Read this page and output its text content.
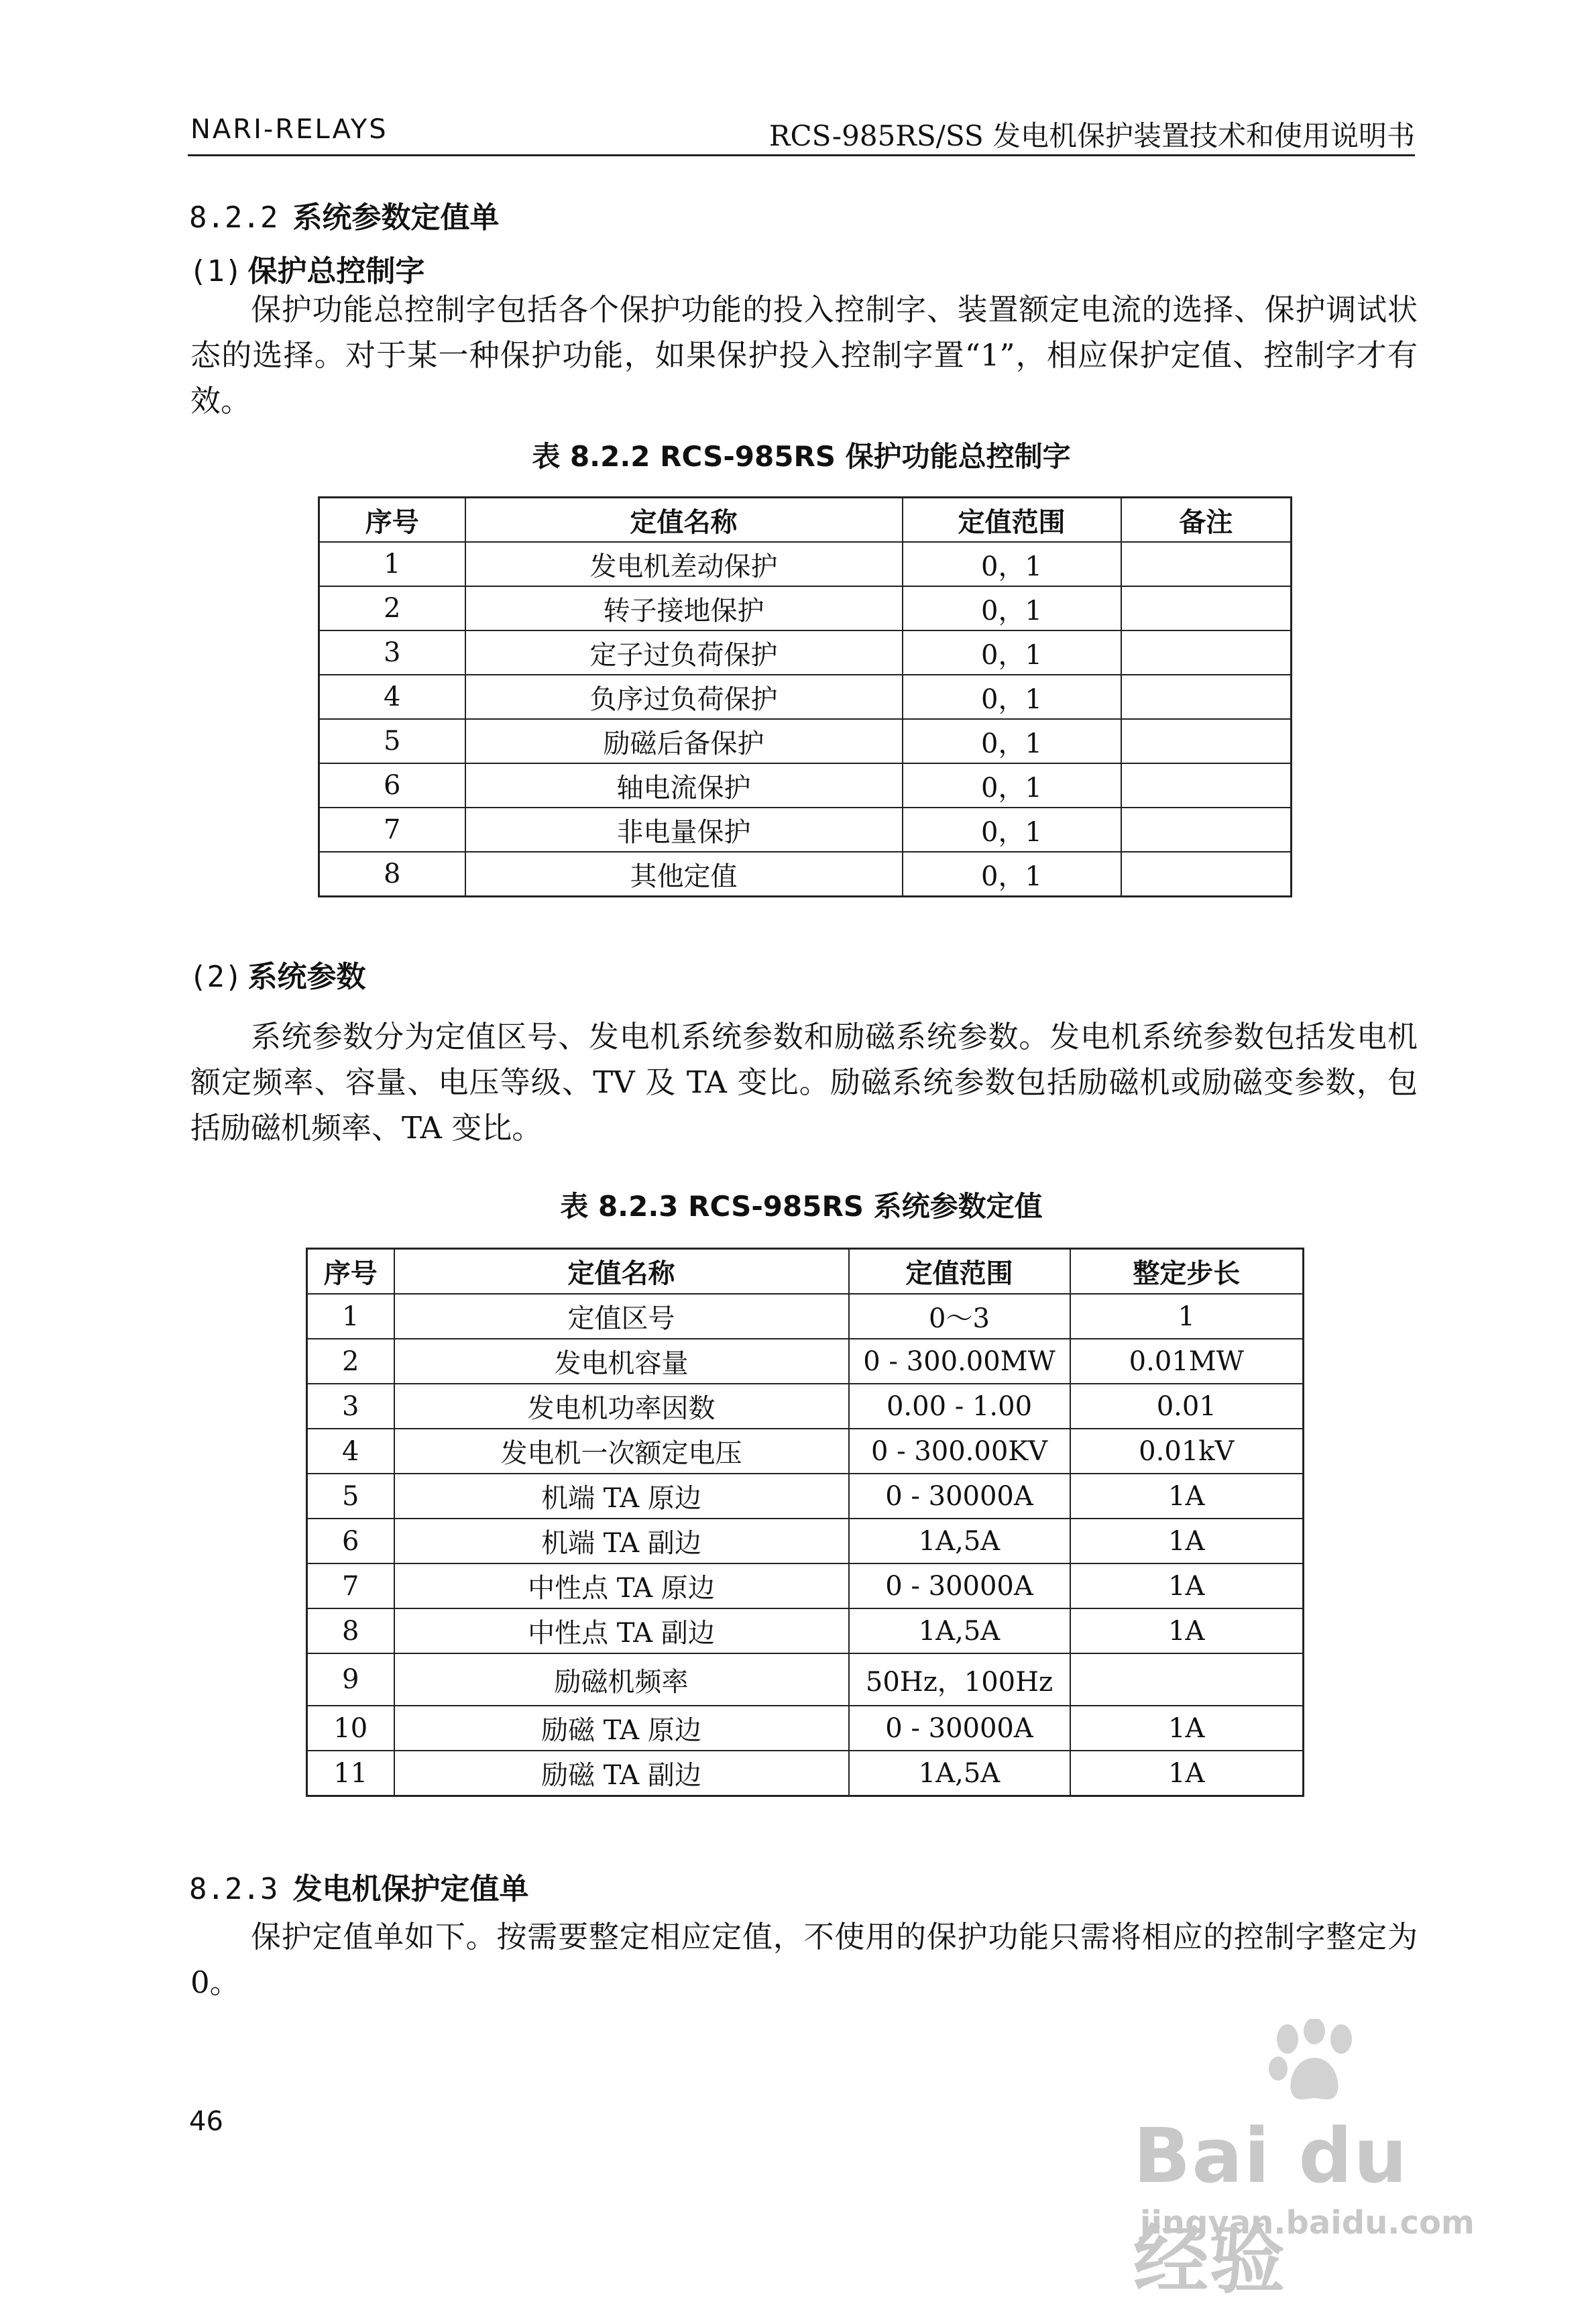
NARI-RELAYS	RCS-985RS/SS 发电机保护装置技术和使用说明书
8.2.2 系统参数定值单
(1) 保护总控制字
保护功能总控制字包括各个保护功能的投入控制字、装置额定电流的选择、保护调试状态的选择。对于某一种保护功能，如果保护投入控制字置“1”，相应保护定值、控制字才有效。
表 8.2.2 RCS-985RS 保护功能总控制字
序号	定值名称	定值范围	备注
1	发电机差动保护	0，1	
2	转子接地保护	0，1	
3	定子过负荷保护	0，1	
4	负序过负荷保护	0，1	
5	励磁后备保护	0，1	
6	轴电流保护	0，1	
7	非电量保护	0，1	
8	其他定值	0，1	
(2) 系统参数
系统参数分为定值区号、发电机系统参数和励磁系统参数。发电机系统参数包括发电机额定频率、容量、电压等级、TV 及 TA 变比。励磁系统参数包括励磁机或励磁变参数，包括励磁机频率、TA 变比。
表 8.2.3 RCS-985RS 系统参数定值
序号	定值名称	定值范围	整定步长
1	定值区号	0～3	1
2	发电机容量	0 - 300.00MW	0.01MW
3	发电机功率因数	0.00 - 1.00	0.01
4	发电机一次额定电压	0 - 300.00KV	0.01kV
5	机端 TA 原边	0 - 30000A	1A
6	机端 TA 副边	1A,5A	1A
7	中性点 TA 原边	0 - 30000A	1A
8	中性点 TA 副边	1A,5A	1A
9	励磁机频率	50Hz，100Hz	
10	励磁 TA 原边	0 - 30000A	1A
11	励磁 TA 副边	1A,5A	1A
8.2.3 发电机保护定值单
保护定值单如下。按需要整定相应定值，不使用的保护功能只需将相应的控制字整定为 0。
46	Bai du 经验
jingyan.baidu.com
